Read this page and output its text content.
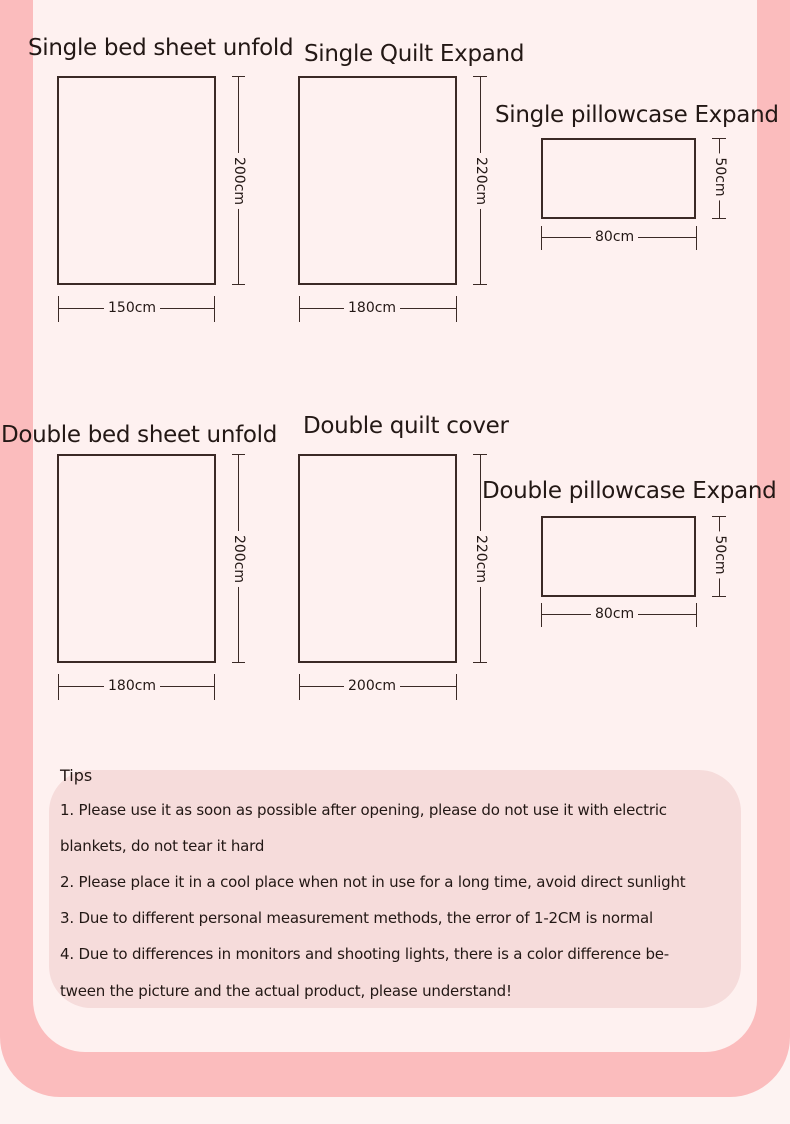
Single bed sheet unfold
200cm
150cm
Single Quilt Expand
220cm
180cm
Single pillowcase Expand
50cm
80cm
Double bed sheet unfold
200cm
180cm
Double quilt cover
220cm
200cm
Double pillowcase Expand
50cm
80cm
Tips
1. Please use it as soon as possible after opening, please do not use it with electric
blankets, do not tear it hard
2. Please place it in a cool place when not in use for a long time, avoid direct sunlight
3. Due to different personal measurement methods, the error of 1-2CM is normal
4. Due to differences in monitors and shooting lights, there is a color difference be-
tween the picture and the actual product, please understand!
